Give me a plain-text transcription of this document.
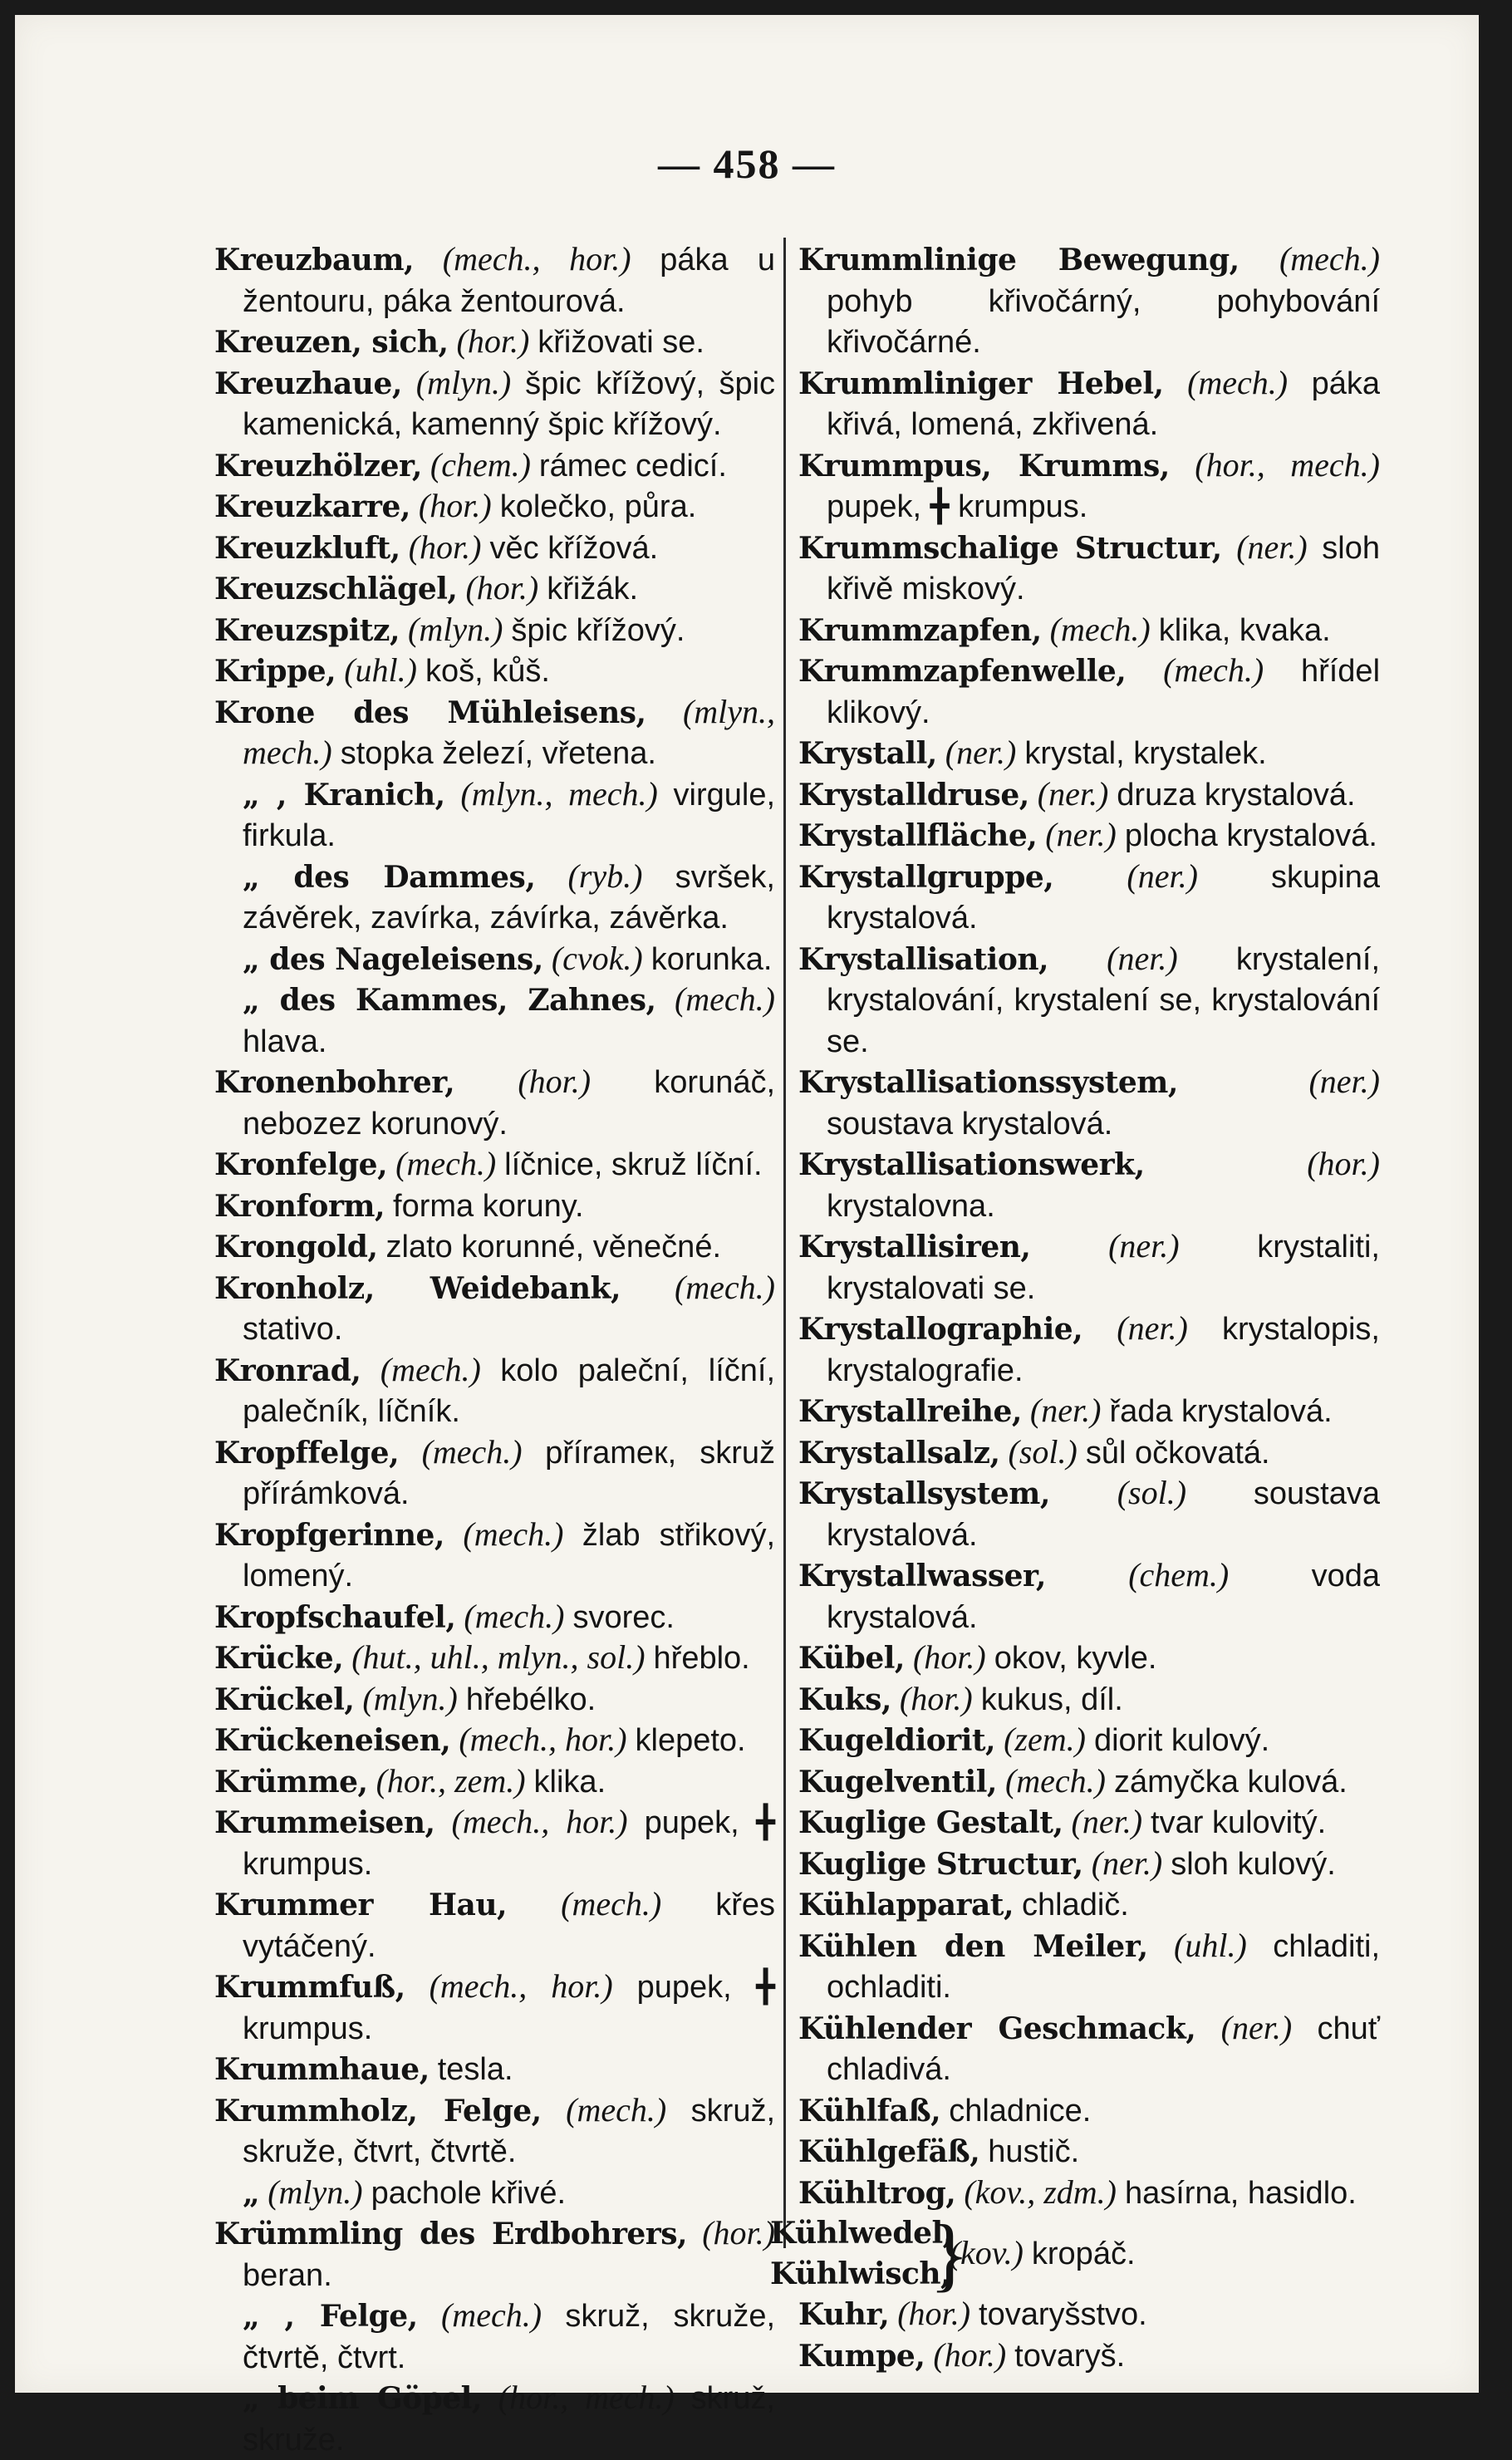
— 458 —

Kreuzbaum, (mech., hor.) páka u žentouru, páka žentourová.

Kreuzen, sich, (hor.) křižovati se.

Kreuzhaue, (mlyn.) špic křížový, špic kamenická, kamenný špic křížový.

Kreuzhölzer, (chem.) rámec cedicí.

Kreuzkarre, (hor.) kolečko, půra.

Kreuzkluft, (hor.) věc křížová.

Kreuzschlägel, (hor.) křižák.

Kreuzspitz, (mlyn.) špic křížový.

Krippe, (uhl.) koš, kůš.

Krone des Mühleisens, (mlyn., mech.) stopka železí, vřetena.

„ , Kranich, (mlyn., mech.) virgule, firkula.

„ des Dammes, (ryb.) svršek, závěrek, zavírka, závírka, závěrka.

„ des Nageleisens, (cvok.) korunka.

„ des Kammes, Zahnes, (mech.) hlava.

Kronenbohrer, (hor.) korunáč, nebozez korunový.

Kronfelge, (mech.) líčnice, skruž líční.

Kronform, forma koruny.

Krongold, zlato korunné, věnečné.

Kronholz, Weidebank, (mech.) stativo.

Kronrad, (mech.) kolo paleční, líční, palečník, líčník.

Kropffelge, (mech.) přírameк, skruž přírámková.

Kropfgerinne, (mech.) žlab střikový, lomený.

Kropfschaufel, (mech.) svorec.

Krücke, (hut., uhl., mlyn., sol.) hřeblo.

Krückel, (mlyn.) hřebélko.

Krückeneisen, (mech., hor.) klepeto.

Krümme, (hor., zem.) klika.

Krummeisen, (mech., hor.) pupek, ╋ krumpus.

Krummer Hau, (mech.) křes vytáčený.

Krummfuß, (mech., hor.) pupek, ╋ krumpus.

Krummhaue, tesla.

Krummholz, Felge, (mech.) skruž, skruže, čtvrt, čtvrtě.

„ (mlyn.) pachole křivé.

Krümmling des Erdbohrers, (hor.) beran.

„ , Felge, (mech.) skruž, skruže, čtvrtě, čtvrt.

„ beim Göpel, (hor., mech.) skruž, skruže.

Krummlinige Bewegung, (mech.) pohyb křivočárný, pohybování křivočárné.

Krummliniger Hebel, (mech.) páka křivá, lomená, zkřivená.

Krummpus, Krumms, (hor., mech.) pupek, ╋ krumpus.

Krummschalige Structur, (ner.) sloh křivě miskový.

Krummzapfen, (mech.) klika, kvaka.

Krummzapfenwelle, (mech.) hřídel klikový.

Krystall, (ner.) krystal, krystalek.

Krystalldruse, (ner.) druza krystalová.

Krystallfläche, (ner.) plocha krystalová.

Krystallgruppe, (ner.) skupina krystalová.

Krystallisation, (ner.) krystalení, krystalování, krystalení se, krystalování se.

Krystallisationssystem,	(ner.) soustava krystalová.

Krystallisationswerk,	(hor.) krystalovna.

Krystallisiren, (ner.) krystaliti, krystalovati se.

Krystallographie, (ner.) krystalopis, krystalografie.

Krystallreihe, (ner.) řada krystalová.

Krystallsalz, (sol.) sůl očkovatá.

Krystallsystem, (sol.) soustava krystalová.

Krystallwasser, (chem.)	voda krystalová.

Kübel, (hor.) okov, kyvle.

Kuks, (hor.) kukus, díl.

Kugeldiorit, (zem.) diorit kulový.

Kugelventil, (mech.) zámyčka kulová.

Kuglige Gestalt, (ner.) tvar kulovitý.

Kuglige Structur, (ner.) sloh kulový.

Kühlapparat, chladič.

Kühlen den Meiler, (uhl.) chladiti, ochladiti.

Kühlender Geschmack, (ner.) chuť chladivá.

Kühlfaß, chladnice.

Kühlgefäß, hustič.

Kühltrog, (kov., zdm.) hasírna, hasidlo.

Kühlwedel,
Kühlwisch,
}
(kov.) kropáč.

Kuhr, (hor.) tovaryšstvo.

Kumpe, (hor.) tovaryš.
